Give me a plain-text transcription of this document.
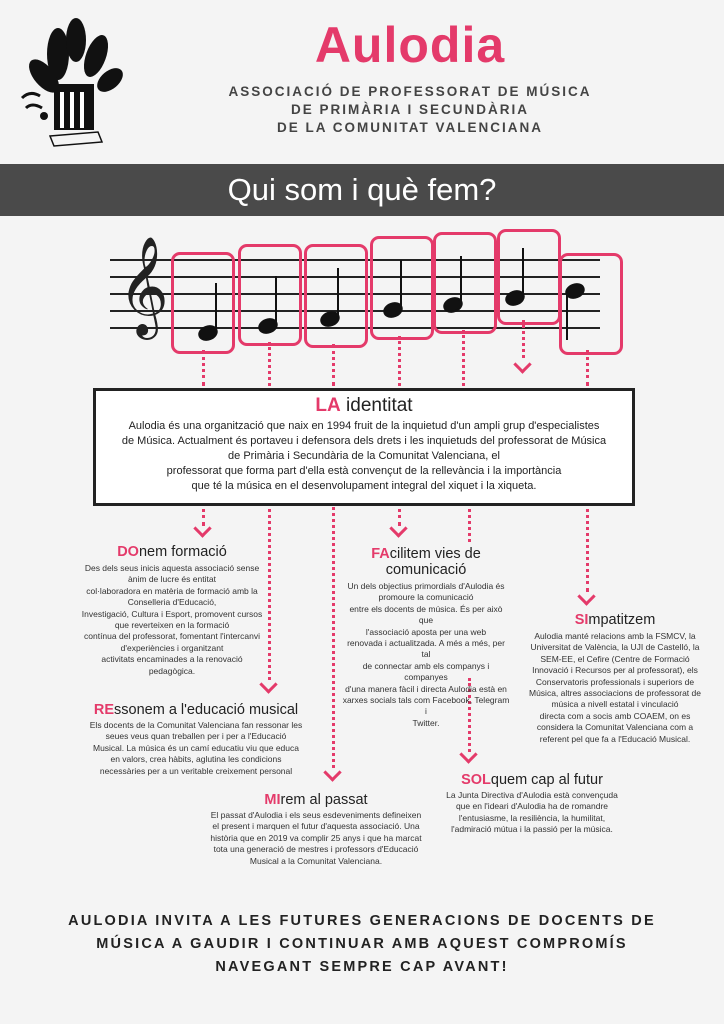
Aulodia
ASSOCIACIÓ DE PROFESSORAT DE MÚSICA
DE PRIMÀRIA I SECUNDÀRIA
DE LA COMUNITAT VALENCIANA
Qui som i què fem?
𝄞
LA identitat
Aulodia és una organització que naix en 1994 fruit de la inquietud d'un ampli grup d'especialistes
de Música. Actualment és portaveu i defensora dels drets i les inquietuds del professorat de Música
de Primària i Secundària de la Comunitat Valenciana, el
professorat que forma part d'ella està convençut de la rellevància i la importància
que té la música en el desenvolupament integral del xiquet i la xiqueta.
DOnem formació
Des dels seus inicis aquesta associació sense
ànim de lucre és entitat
col·laboradora en matèria de formació amb la
Conselleria d'Educació,
Investigació, Cultura i Esport, promovent cursos
que reverteixen en la formació
contínua del professorat, fomentant l'intercanvi
d'experiències i organitzant
activitats encaminades a la renovació
pedagògica.
REssonem a l'educació musical
Els docents de la Comunitat Valenciana fan ressonar les
seues veus quan treballen per i per a l'Educació
Musical. La música és un camí educatiu viu que educa
en valors, crea hàbits, aglutina les condicions
necessàries per a un veritable creixement personal
MIrem al passat
El passat d'Aulodia i els seus esdeveniments defineixen
el present i marquen el futur d'aquesta associació. Una
història que en 2019 va complir 25 anys i que ha marcat
tota una generació de mestres i professors d'Educació
Musical a la Comunitat Valenciana.
FAcilitem vies de
comunicació
Un dels objectius primordials d'Aulodia és
promoure la comunicació
entre els docents de música. És per això que
l'associació aposta per una web
renovada i actualitzada. A més a més, per tal
de connectar amb els companys i companyes
d'una manera fàcil i directa Aulodia està en
xarxes socials tals com Facebook, Telegram i
Twitter.
SOLquem cap al futur
La Junta Directiva d'Aulodia està convençuda
que en l'ideari d'Aulodia ha de romandre
l'entusiasme, la resiliència, la humilitat,
l'admiració mútua i la passió per la música.
SImpatitzem
Aulodia manté relacions amb la FSMCV, la
Universitat de València, la UJI de Castelló, la
SEM-EE, el Cefire (Centre de Formació
Innovació i Recursos per al professorat), els
Conservatoris professionals i superiors de
Música, altres associacions de professorat de
música a nivell estatal i vinculació
directa com a socis amb COAEM, on es
considera la Comunitat Valenciana com a
referent pel que fa a l'Educació Musical.
AULODIA INVITA A LES FUTURES GENERACIONS DE DOCENTS DE
MÚSICA A GAUDIR I CONTINUAR AMB AQUEST COMPROMÍS
NAVEGANT SEMPRE CAP AVANT!
